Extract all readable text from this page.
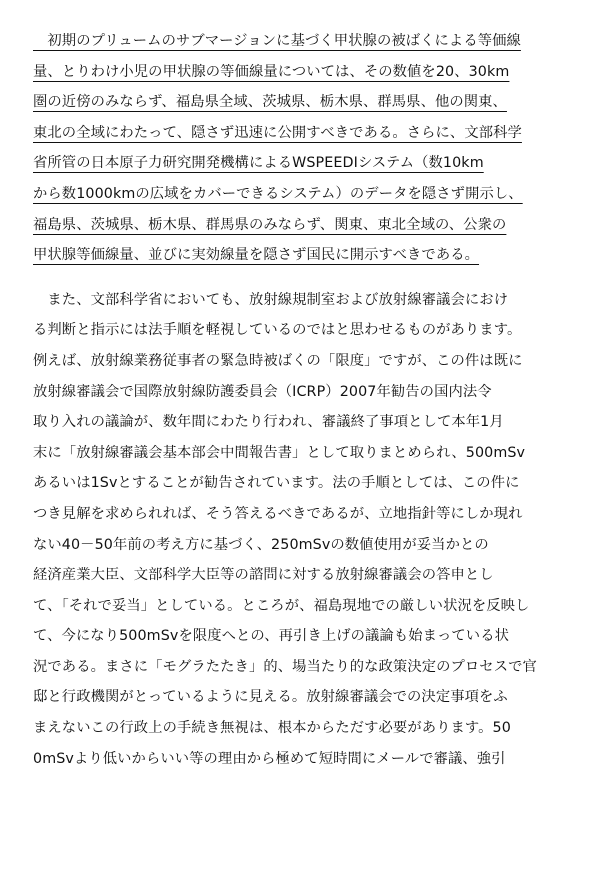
　初期のプリュームのサブマージョンに基づく甲状腺の被ばくによる等価線
量、とりわけ小児の甲状腺の等価線量については、その数値を20、30km
圏の近傍のみならず、福島県全域、茨城県、栃木県、群馬県、他の関東、
東北の全域にわたって、隠さず迅速に公開すべきである。さらに、文部科学
省所管の日本原子力研究開発機構によるWSPEEDIシステム（数10km
から数1000kmの広域をカバーできるシステム）のデータを隠さず開示し、
福島県、茨城県、栃木県、群馬県のみならず、関東、東北全域の、公衆の
甲状腺等価線量、並びに実効線量を隠さず国民に開示すべきである。
　また、文部科学省においても、放射線規制室および放射線審議会におけ
る判断と指示には法手順を軽視しているのではと思わせるものがあります。
例えば、放射線業務従事者の緊急時被ばくの「限度」ですが、この件は既に
放射線審議会で国際放射線防護委員会（ICRP）2007年勧告の国内法令
取り入れの議論が、数年間にわたり行われ、審議終了事項として本年1月
末に「放射線審議会基本部会中間報告書」として取りまとめられ、500mSv
あるいは1Svとすることが勧告されています。法の手順としては、この件に
つき見解を求められれば、そう答えるべきであるが、立地指針等にしか現れ
ない40－50年前の考え方に基づく、250mSvの数値使用が妥当かとの
経済産業大臣、文部科学大臣等の諮問に対する放射線審議会の答申とし
て、「それで妥当」としている。ところが、福島現地での厳しい状況を反映し
て、今になり500mSvを限度へとの、再引き上げの議論も始まっている状
況である。まさに「モグラたたき」的、場当たり的な政策決定のプロセスで官
邸と行政機関がとっているように見える。放射線審議会での決定事項をふ
まえないこの行政上の手続き無視は、根本からただす必要があります。50
0mSvより低いからいい等の理由から極めて短時間にメールで審議、強引
